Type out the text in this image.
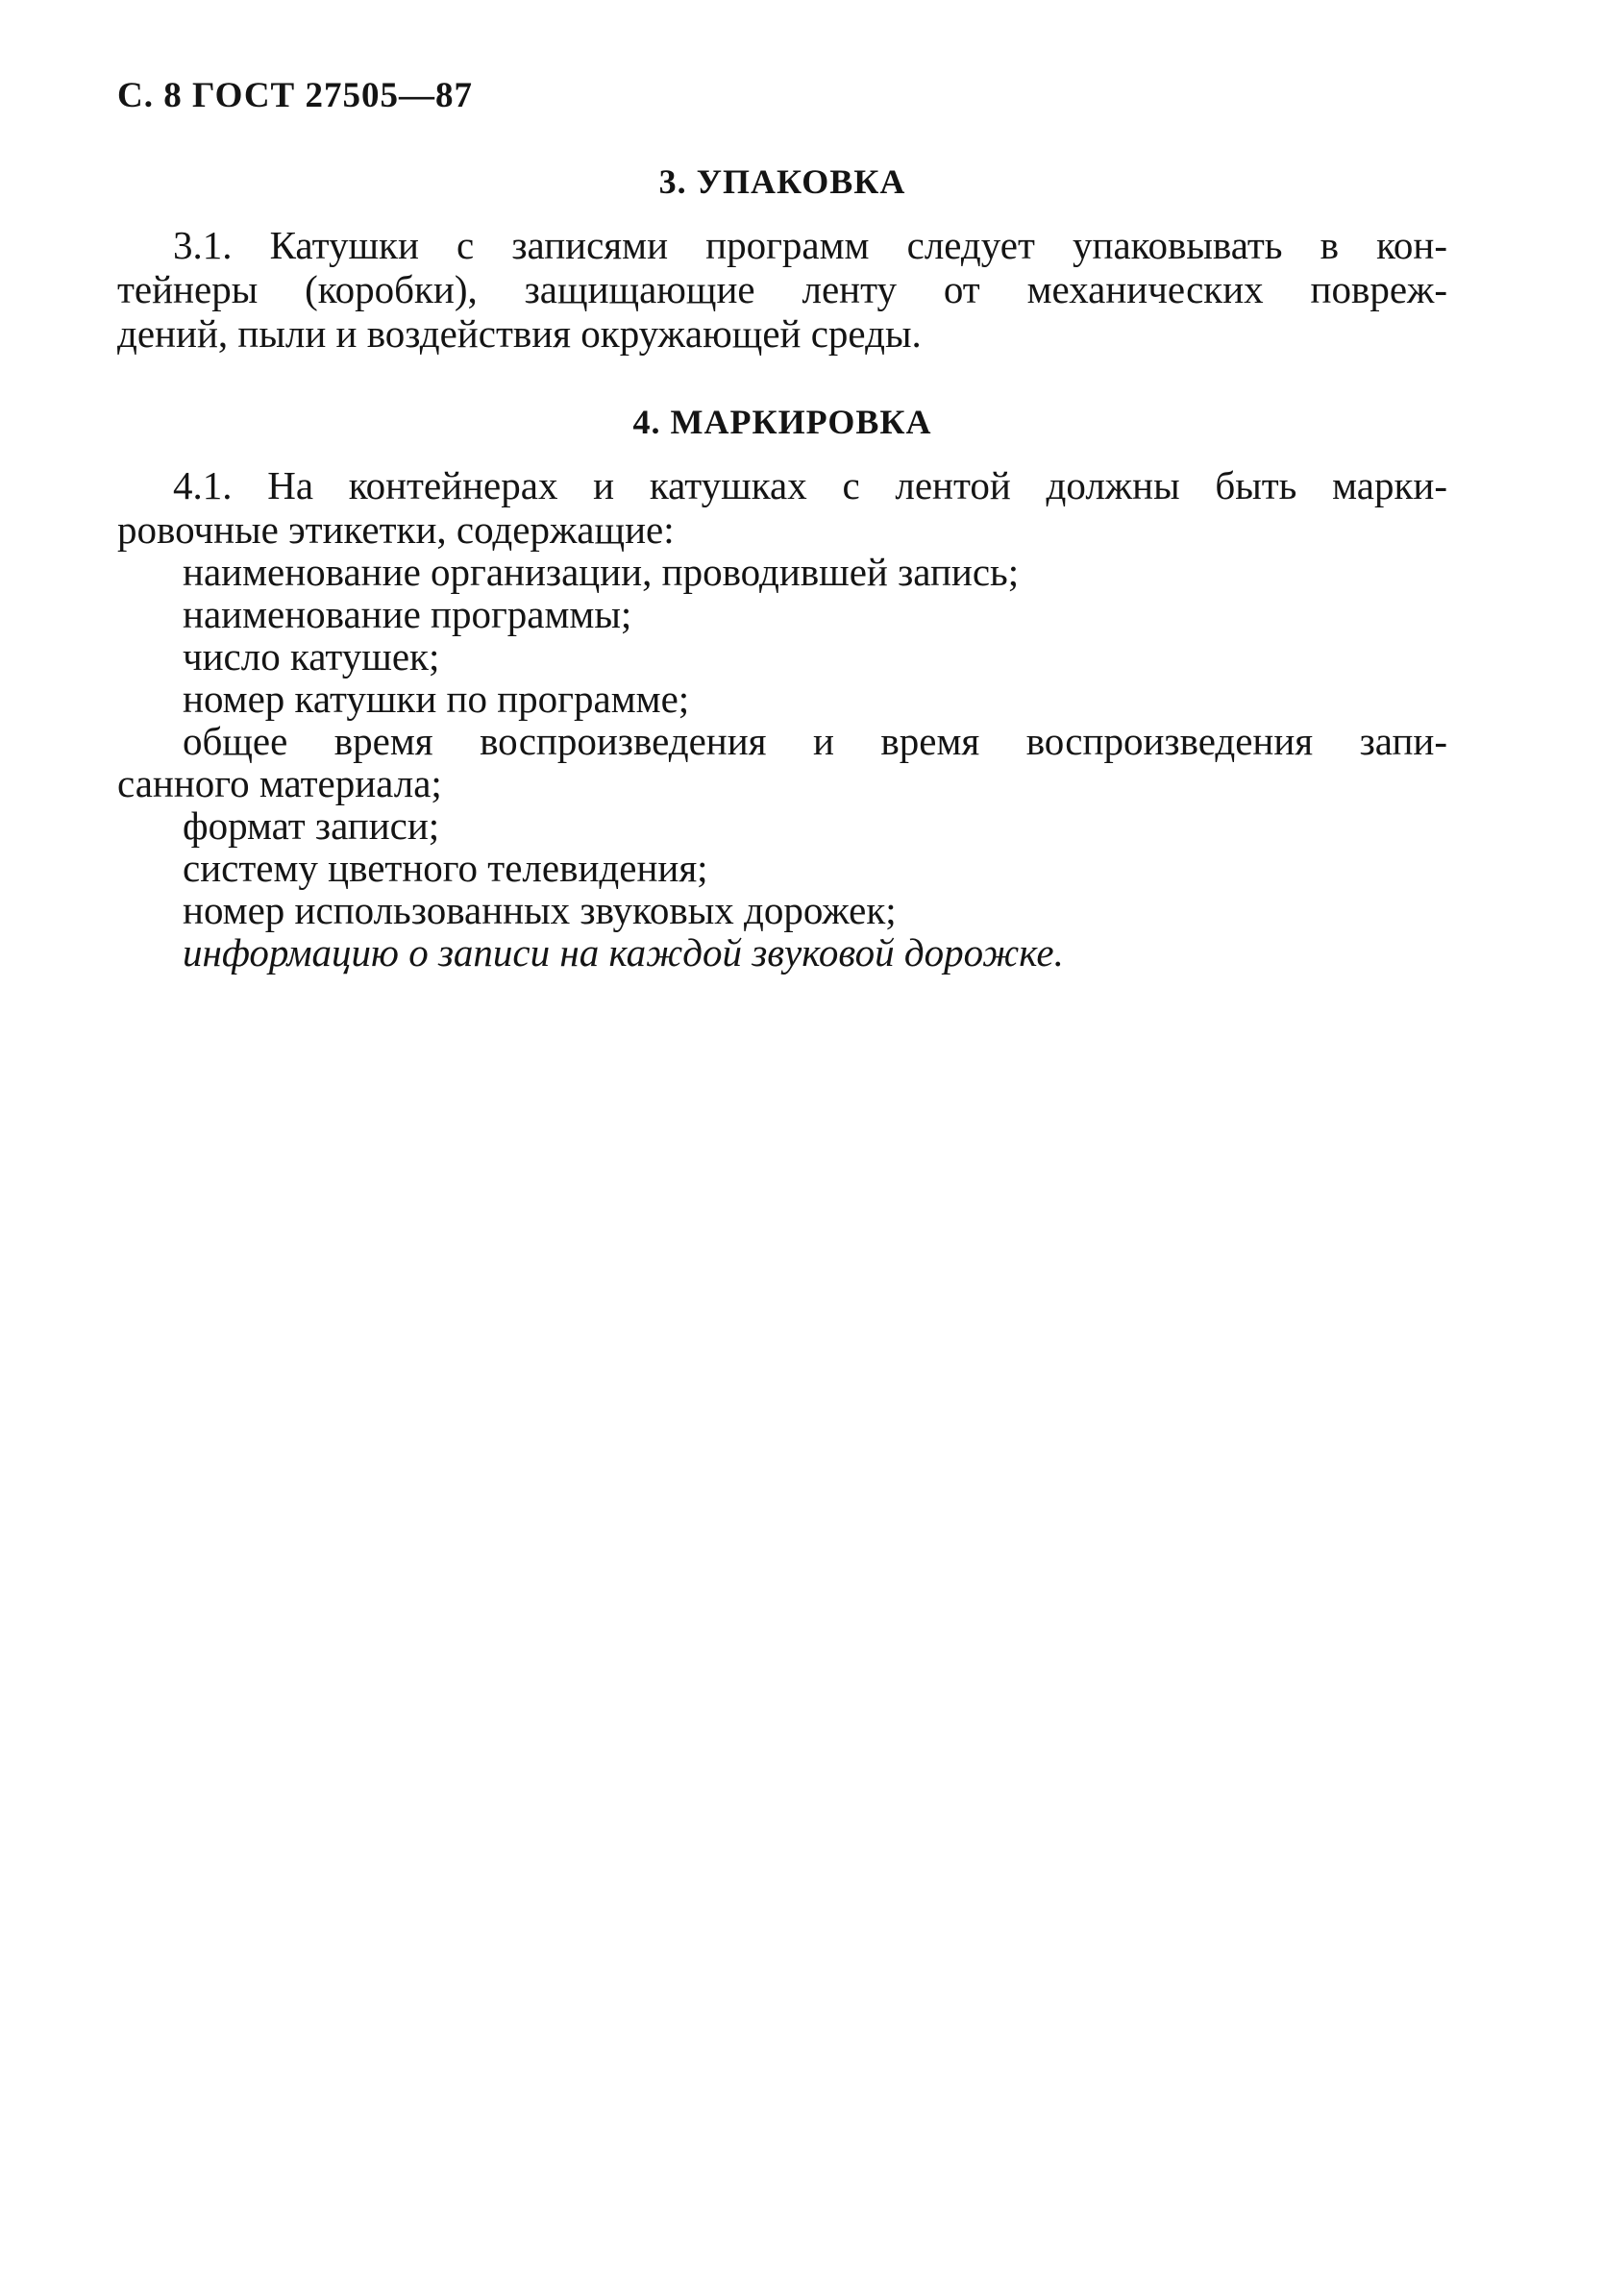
С. 8 ГОСТ 27505—87
3. УПАКОВКА
3.1. Катушки с записями программ следует упаковывать в кон-
тейнеры (коробки), защищающие ленту от механических повреж-
дений, пыли и воздействия окружающей среды.
4. МАРКИРОВКА
4.1. На контейнерах и катушках с лентой должны быть марки-
ровочные этикетки, содержащие:
наименование организации, проводившей запись;
наименование программы;
число катушек;
номер катушки по программе;
общее время воспроизведения и время воспроизведения запи-
санного материала;
формат записи;
систему цветного телевидения;
номер использованных звуковых дорожек;
информацию о записи на каждой звуковой дорожке.
